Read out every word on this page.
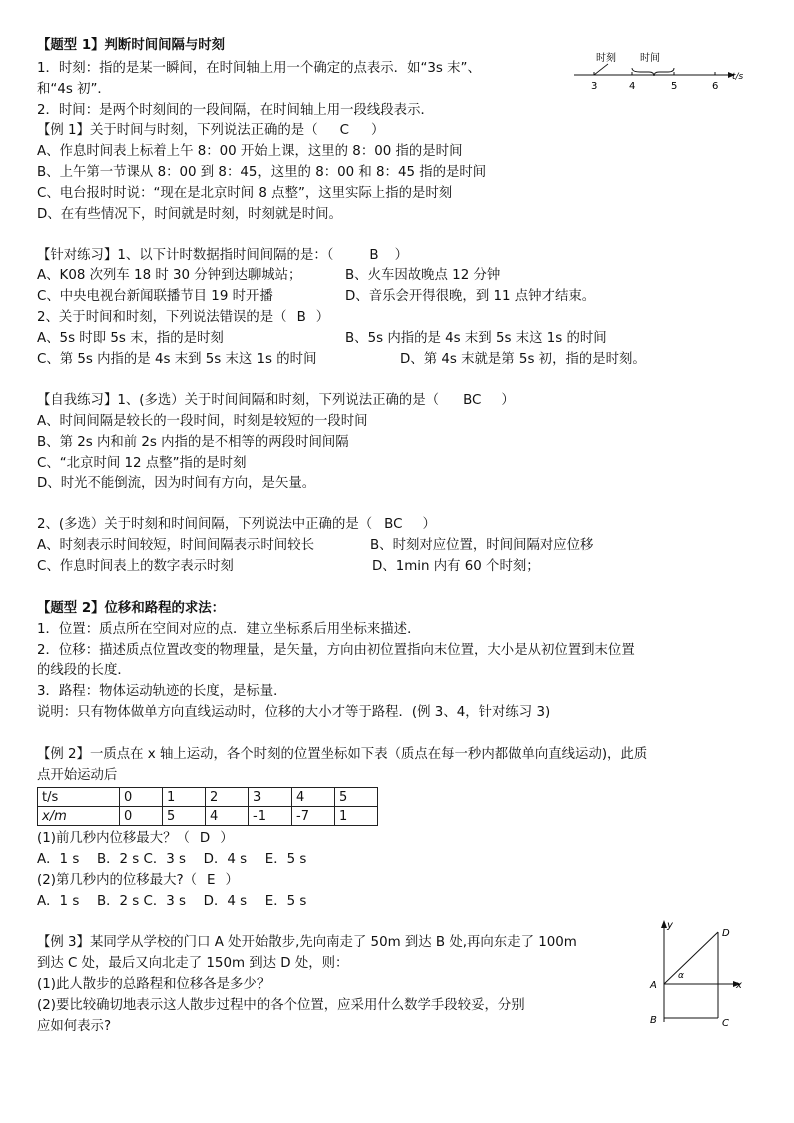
【题型 1】判断时间间隔与时刻
1．时刻：指的是某一瞬间，在时间轴上用一个确定的点表示．如“3s 末”、
和“4s 初”．
2．时间：是两个时刻间的一段间隔，在时间轴上用一段线段表示．
时刻 时间
3	4	5	6
t/s
【例 1】关于时间与时刻，下列说法正确的是（ C ）
A、作息时间表上标着上午 8：00 开始上课，这里的 8：00 指的是时间
B、上午第一节课从 8：00 到 8：45，这里的 8：00 和 8：45 指的是时间
C、电台报时时说：“现在是北京时间 8 点整”，这里实际上指的是时刻
D、在有些情况下，时间就是时刻，时刻就是时间。
【针对练习】1、以下计时数据指时间间隔的是：（	B ）
A、K08 次列车 18 时 30 分钟到达聊城站；	B、火车因故晚点 12 分钟
C、中央电视台新闻联播节目 19 时开播	D、音乐会开得很晚，到 11 点钟才结束。
2、关于时间和时刻，下列说法错误的是（ B ）
A、5s 时即 5s 末，指的是时刻	B、5s 内指的是 4s 末到 5s 末这 1s 的时间
C、第 5s 内指的是 4s 末到 5s 末这 1s 的时间	D、第 4s 末就是第 5s 初，指的是时刻。
【自我练习】1、(多选）关于时间间隔和时刻，下列说法正确的是（ BC ）
A、时间间隔是较长的一段时间，时刻是较短的一段时间
B、第 2s 内和前 2s 内指的是不相等的两段时间间隔
C、“北京时间 12 点整”指的是时刻
D、时光不能倒流，因为时间有方向，是矢量。
2、(多选）关于时刻和时间间隔，下列说法中正确的是（ BC ）
A、时刻表示时间较短，时间间隔表示时间较长	B、时刻对应位置，时间间隔对应位移
C、作息时间表上的数字表示时刻	D、1min 内有 60 个时刻；
【题型 2】位移和路程的求法：
1．位置：质点所在空间对应的点．建立坐标系后用坐标来描述．
2．位移：描述质点位置改变的物理量，是矢量，方向由初位置指向末位置，大小是从初位置到末位置
的线段的长度．
3．路程：物体运动轨迹的长度，是标量．
说明：只有物体做单方向直线运动时，位移的大小才等于路程．(例 3、4，针对练习 3)
【例 2】一质点在 x 轴上运动，各个时刻的位置坐标如下表（质点在每一秒内都做单向直线运动)，此质
点开始运动后
t/s	0	1	2	3	4	5
x/m	0	5	4	-1	-7	1
(1)前几秒内位移最大？（ D ）
A．1 s　 B．2 s C．3 s　 D．4 s　 E．5 s
(2)第几秒内的位移最大?（ E ）
A．1 s　 B．2 s C．3 s　 D．4 s　 E．5 s
【例 3】某同学从学校的门口 A 处开始散步,先向南走了 50m 到达 B 处,再向东走了 100m
到达 C 处，最后又向北走了 150m 到达 D 处，则：
(1)此人散步的总路程和位移各是多少？
(2)要比较确切地表示这人散步过程中的各个位置，应采用什么数学手段较妥，分别
应如何表示?
y
x
α
A
B	C
D
